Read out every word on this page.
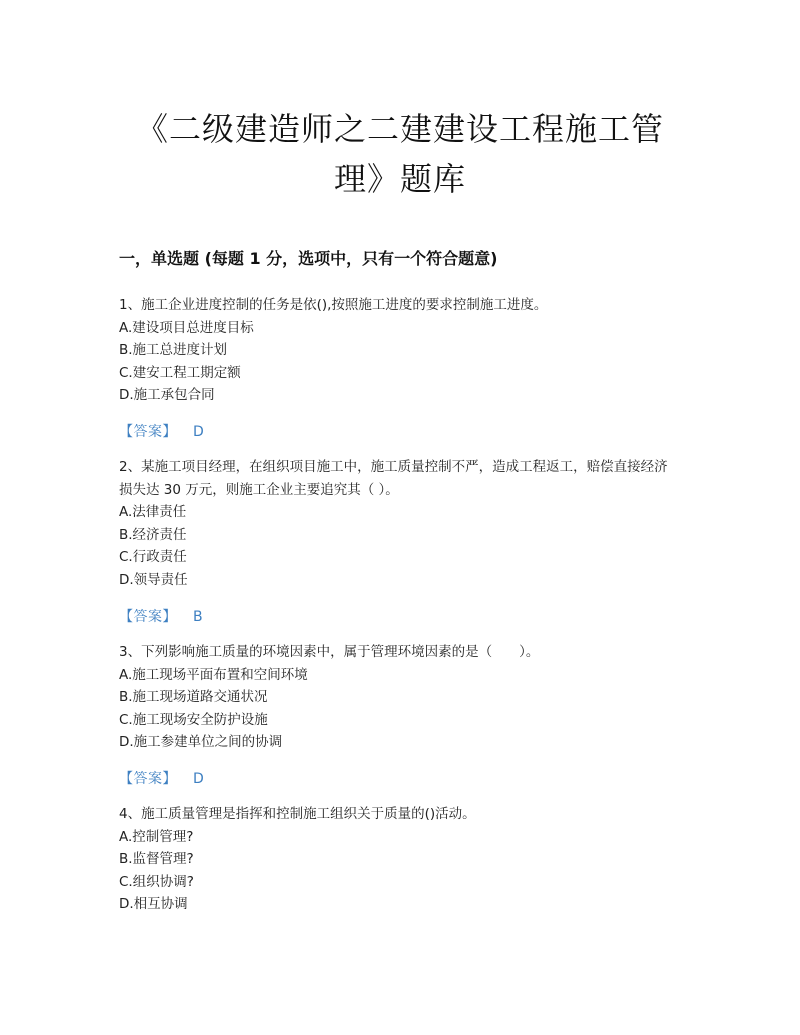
《二级建造师之二建建设工程施工管
理》题库
一，单选题 (每题 1 分，选项中，只有一个符合题意)
1、施工企业进度控制的任务是依(),按照施工进度的要求控制施工进度。
A.建设项目总进度目标
B.施工总进度计划
C.建安工程工期定额
D.施工承包合同
【答案】 D
2、某施工项目经理，在组织项目施工中，施工质量控制不严，造成工程返工，赔偿直接经济损失达 30 万元，则施工企业主要追究其（ ）。
A.法律责任
B.经济责任
C.行政责任
D.领导责任
【答案】 B
3、下列影响施工质量的环境因素中，属于管理环境因素的是（　　）。
A.施工现场平面布置和空间环境
B.施工现场道路交通状况
C.施工现场安全防护设施
D.施工参建单位之间的协调
【答案】 D
4、施工质量管理是指挥和控制施工组织关于质量的()活动。
A.控制管理?
B.监督管理?
C.组织协调?
D.相互协调
